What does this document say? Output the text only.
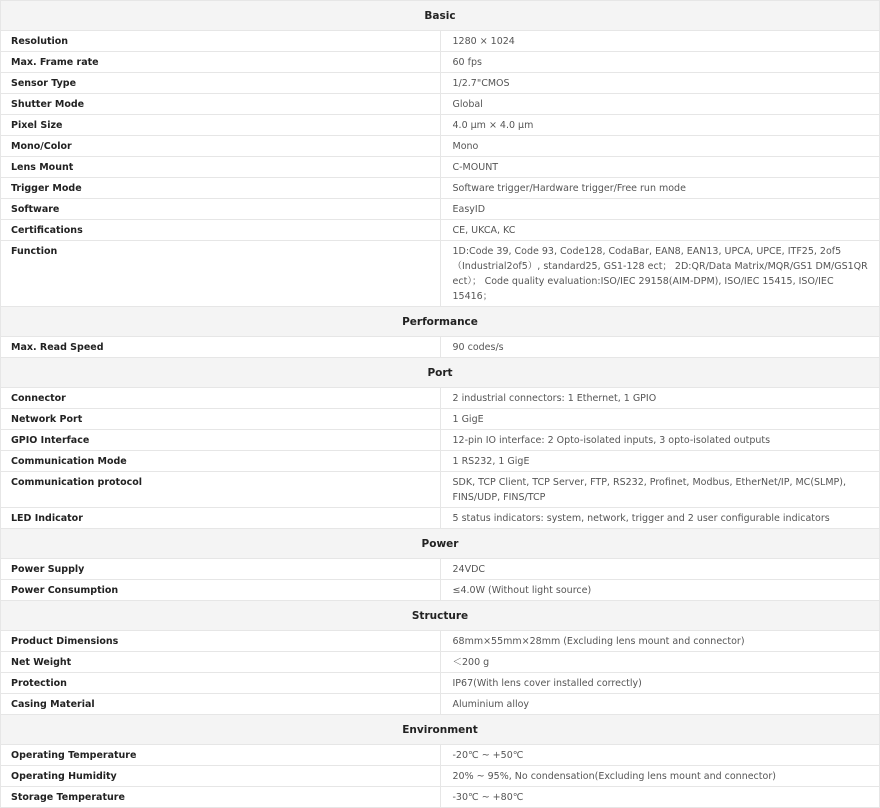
Basic	
Resolution	1280 × 1024
Max. Frame rate	60 fps
Sensor Type	1/2.7"CMOS
Shutter Mode	Global
Pixel Size	4.0 μm × 4.0 μm
Mono/Color	Mono
Lens Mount	C-MOUNT
Trigger Mode	Software trigger/Hardware trigger/Free run mode
Software	EasyID
Certifications	CE, UKCA, KC
Function	1D:Code 39, Code 93, Code128, CodaBar, EAN8, EAN13, UPCA, UPCE, ITF25, 2of5（Industrial2of5）, standard25, GS1-128 ect； 2D:QR/Data Matrix/MQR/GS1 DM/GS1QR ect）； Code quality evaluation:ISO/IEC 29158(AIM-DPM), ISO/IEC 15415, ISO/IEC 15416；
Performance	
Max. Read Speed	90 codes/s
Port	
Connector	2 industrial connectors: 1 Ethernet, 1 GPIO
Network Port	1 GigE
GPIO Interface	12-pin IO interface: 2 Opto-isolated inputs, 3 opto-isolated outputs
Communication Mode	1 RS232, 1 GigE
Communication protocol	SDK, TCP Client, TCP Server, FTP, RS232, Profinet, Modbus, EtherNet/IP, MC(SLMP), FINS/UDP, FINS/TCP
LED Indicator	5 status indicators: system, network, trigger and 2 user configurable indicators
Power	
Power Supply	24VDC
Power Consumption	≤4.0W (Without light source)
Structure	
Product Dimensions	68mm×55mm×28mm (Excluding lens mount and connector)
Net Weight	＜200 g
Protection	IP67(With lens cover installed correctly)
Casing Material	Aluminium alloy
Environment	
Operating Temperature	-20℃ ~ +50℃
Operating Humidity	20% ~ 95%, No condensation(Excluding lens mount and connector)
Storage Temperature	-30℃ ~ +80℃
